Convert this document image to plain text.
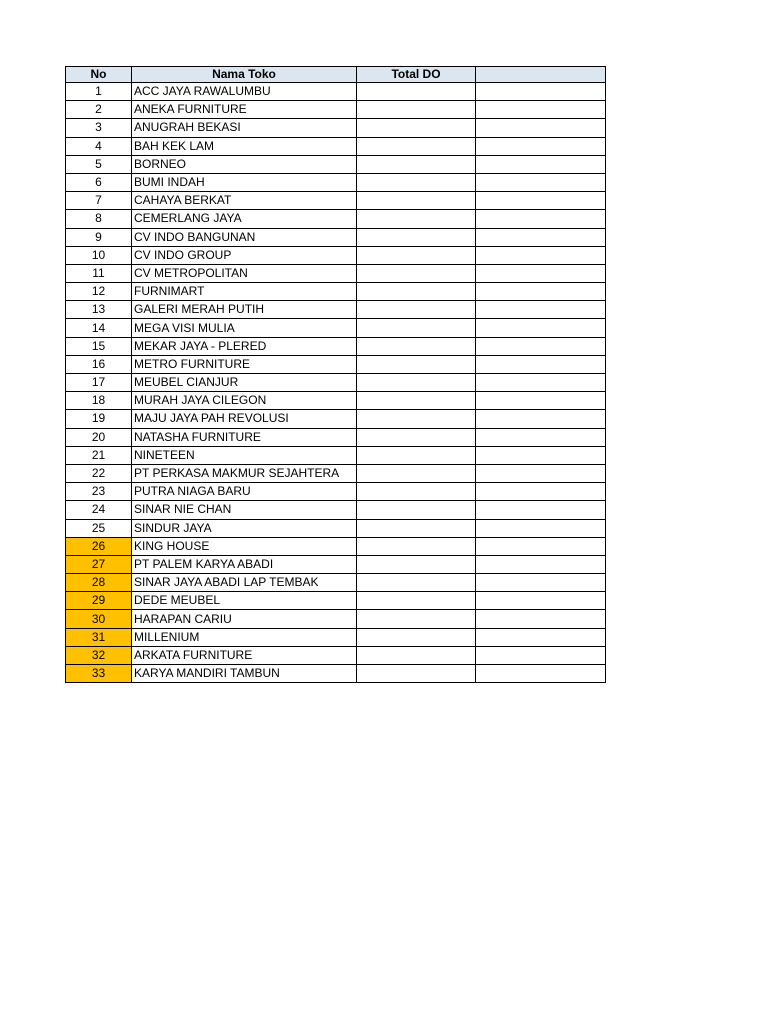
No	Nama Toko	Total DO	
1	ACC JAYA RAWALUMBU		
2	ANEKA FURNITURE		
3	ANUGRAH BEKASI		
4	BAH KEK LAM		
5	BORNEO		
6	BUMI INDAH		
7	CAHAYA BERKAT		
8	CEMERLANG JAYA		
9	CV INDO BANGUNAN		
10	CV INDO GROUP		
11	CV METROPOLITAN		
12	FURNIMART		
13	GALERI MERAH PUTIH		
14	MEGA VISI MULIA		
15	MEKAR JAYA - PLERED		
16	METRO FURNITURE		
17	MEUBEL CIANJUR		
18	MURAH JAYA CILEGON		
19	MAJU JAYA PAH REVOLUSI		
20	NATASHA FURNITURE		
21	NINETEEN		
22	PT PERKASA MAKMUR SEJAHTERA		
23	PUTRA NIAGA BARU		
24	SINAR NIE CHAN		
25	SINDUR JAYA		
26	KING HOUSE		
27	PT PALEM KARYA ABADI		
28	SINAR JAYA ABADI LAP TEMBAK		
29	DEDE MEUBEL		
30	HARAPAN CARIU		
31	MILLENIUM		
32	ARKATA FURNITURE		
33	KARYA MANDIRI TAMBUN		
